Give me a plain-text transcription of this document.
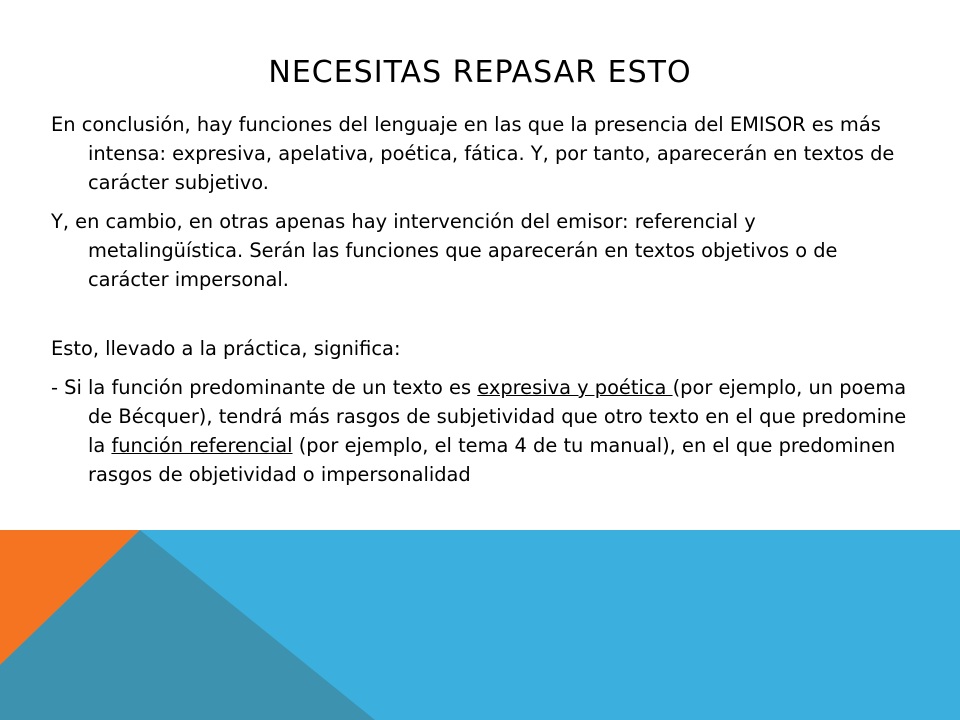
NECESITAS REPASAR ESTO

En conclusión, hay funciones del lenguaje en las que la presencia del EMISOR es más intensa: expresiva, apelativa, poética, fática. Y, por tanto, aparecerán en textos de carácter subjetivo.

Y, en cambio, en otras apenas hay intervención del emisor: referencial y metalingüística. Serán las funciones que aparecerán en textos objetivos o de carácter impersonal.

Esto, llevado a la práctica, significa:

- Si la función predominante de un texto es expresiva y poética (por ejemplo, un poema de Bécquer), tendrá más rasgos de subjetividad que otro texto en el que predomine la función referencial (por ejemplo, el tema 4 de tu manual), en el que predominen rasgos de objetividad o impersonalidad
